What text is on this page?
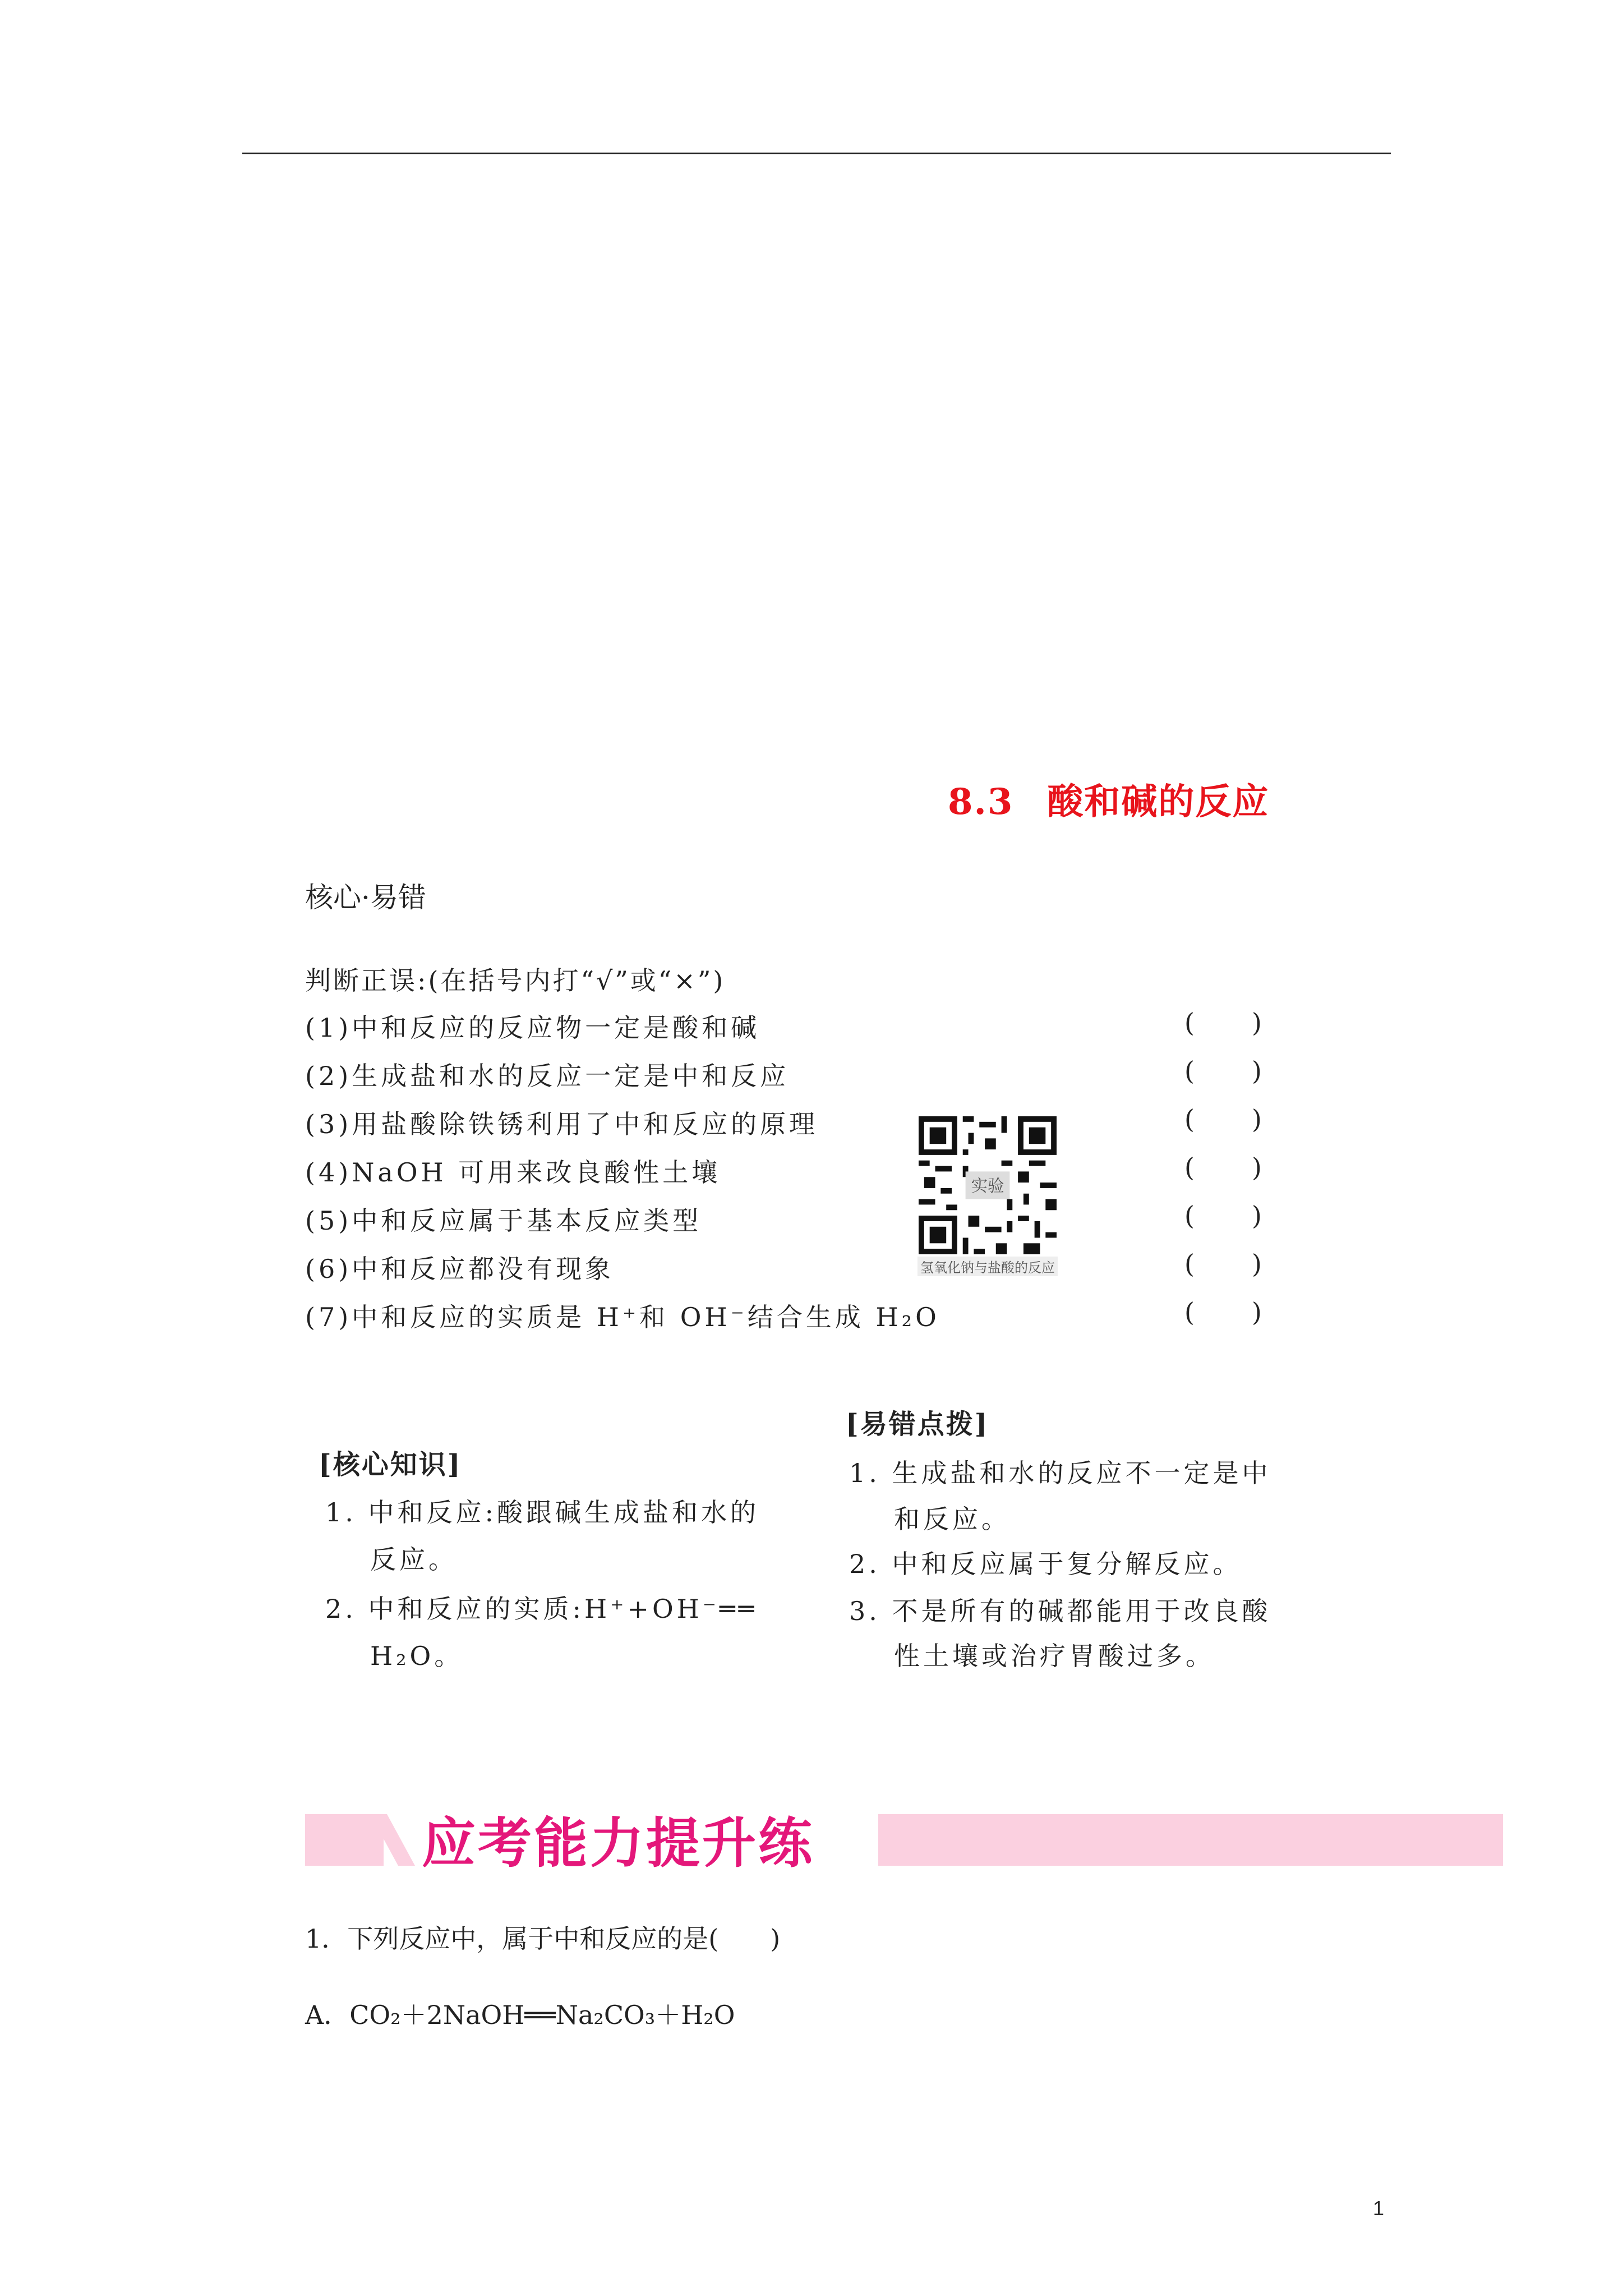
8.3 酸和碱的反应
核心·易错
判断正误:(在括号内打“√”或“×”)
(1)中和反应的反应物一定是酸和碱
(2)生成盐和水的反应一定是中和反应
(3)用盐酸除铁锈利用了中和反应的原理
(4)NaOH 可用来改良酸性土壤
(5)中和反应属于基本反应类型
(6)中和反应都没有现象
(7)中和反应的实质是 H⁺和 OH⁻结合生成 H₂O
( )
( )
( )
( )
( )
( )
( )
实验
氢氧化钠与盐酸的反应
[核心知识]
1. 中和反应:酸跟碱生成盐和水的
反应。
2. 中和反应的实质:H⁺+OH⁻══
H₂O。
[易错点拨]
1. 生成盐和水的反应不一定是中
和反应。
2. 中和反应属于复分解反应。
3. 不是所有的碱都能用于改良酸
性土壤或治疗胃酸过多。
应考能力提升练
1．下列反应中，属于中和反应的是(　　)
A．CO₂＋2NaOH══Na₂CO₃＋H₂O
1
